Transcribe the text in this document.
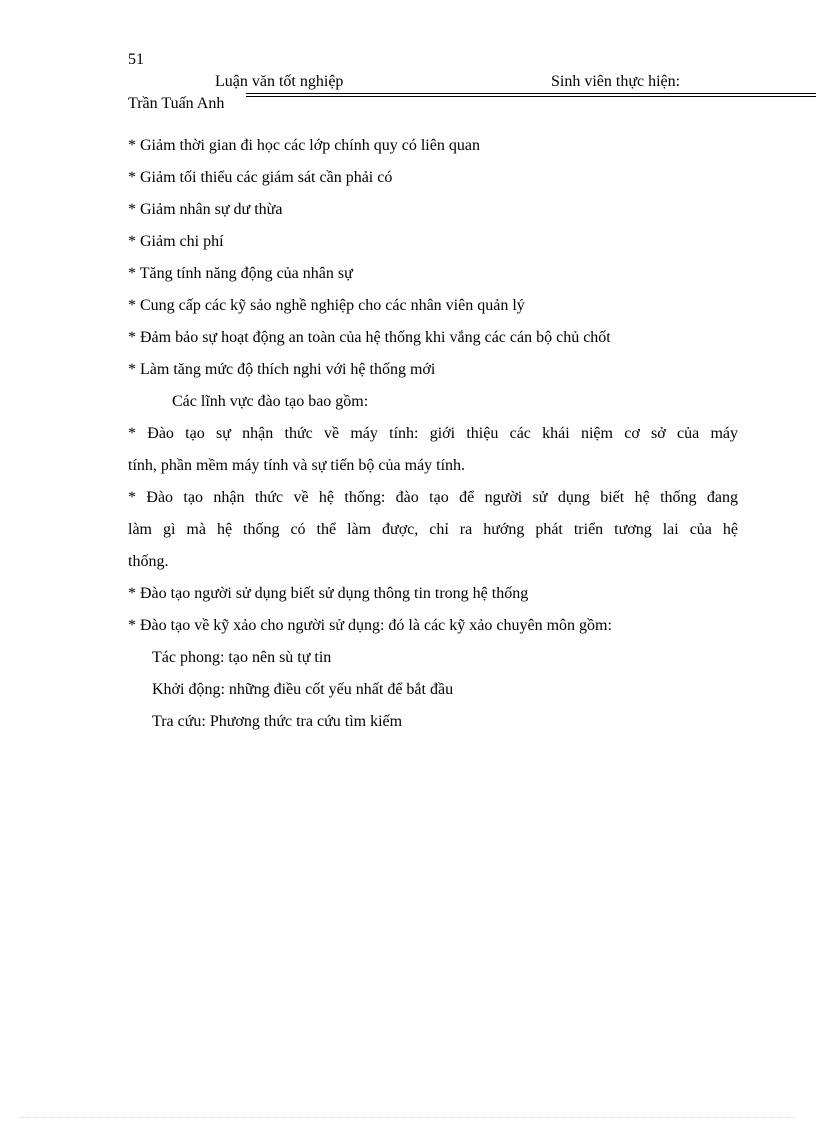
51
Luận văn tốt nghiệp	Sinh viên thực hiện:
Trần Tuấn Anh
* Giảm thời gian đi học các lớp chính quy có liên quan
* Giảm tối thiểu các giám sát cần phải có
* Giảm nhân sự dư thừa
* Giảm chi phí
* Tăng tính năng động của nhân sự
* Cung cấp các kỹ sảo nghề nghiệp cho các nhân viên quản lý
* Đảm bảo sự hoạt động an toàn của hệ thống khi vắng các cán bộ chủ chốt
* Làm tăng mức độ thích nghi với hệ thống mới
Các lĩnh vực đào tạo bao gồm:
* Đào tạo sự nhận thức về máy tính: giới thiệu các khái niệm cơ sở của máy
tính, phần mềm máy tính và sự tiến bộ của máy tính.
* Đào tạo nhận thức về hệ thống: đào tạo để người sử dụng biết hệ thống đang
làm gì mà hệ thống có thể làm được, chỉ ra hướng phát triển tương lai của hệ
thống.
* Đào tạo người sử dụng biết sử dụng thông tin trong hệ thống
* Đào tạo về kỹ xảo cho người sử dụng: đó là các kỹ xảo chuyên môn gồm:
Tác phong: tạo nên sù tự tin
Khởi động: những điều cốt yếu nhất để bắt đầu
Tra cứu: Phương thức tra cứu tìm kiếm
